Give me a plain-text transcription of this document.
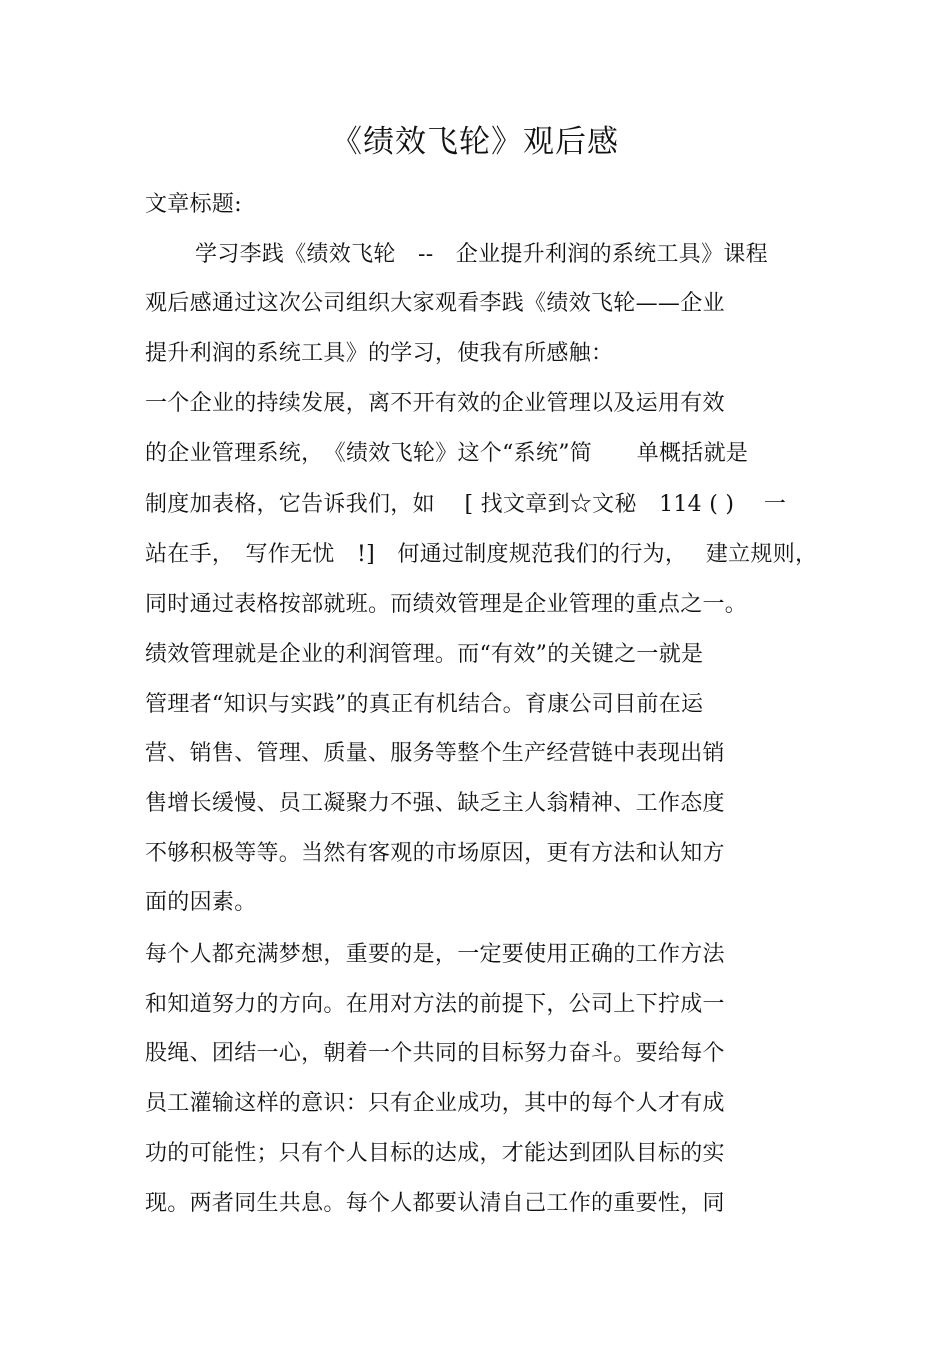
《绩效飞轮》观后感
文章标题:
学习李践《绩效飞轮　--　企业提升利润的系统工具》课程
观后感通过这次公司组织大家观看李践《绩效飞轮——企业
提升利润的系统工具》的学习，使我有所感触：
一个企业的持续发展，离不开有效的企业管理以及运用有效
的企业管理系统，　《绩效飞轮》这个“系统”简　　单概括就是
制度加表格，它告诉我们，如　 [ 找文章到☆文秘　114 ( )　 一
站在手，　写作无忧　!]　何通过制度规范我们的行为，　 建立规则，
同时通过表格按部就班。而绩效管理是企业管理的重点之一。
绩效管理就是企业的利润管理。而“有效”的关键之一就是
管理者“知识与实践”的真正有机结合。育康公司目前在运
营、销售、管理、质量、服务等整个生产经营链中表现出销
售增长缓慢、员工凝聚力不强、缺乏主人翁精神、工作态度
不够积极等等。当然有客观的市场原因，更有方法和认知方
面的因素。
每个人都充满梦想，重要的是，一定要使用正确的工作方法
和知道努力的方向。在用对方法的前提下，公司上下拧成一
股绳、团结一心，朝着一个共同的目标努力奋斗。要给每个
员工灌输这样的意识：只有企业成功，其中的每个人才有成
功的可能性；只有个人目标的达成，才能达到团队目标的实
现。两者同生共息。每个人都要认清自己工作的重要性，同
